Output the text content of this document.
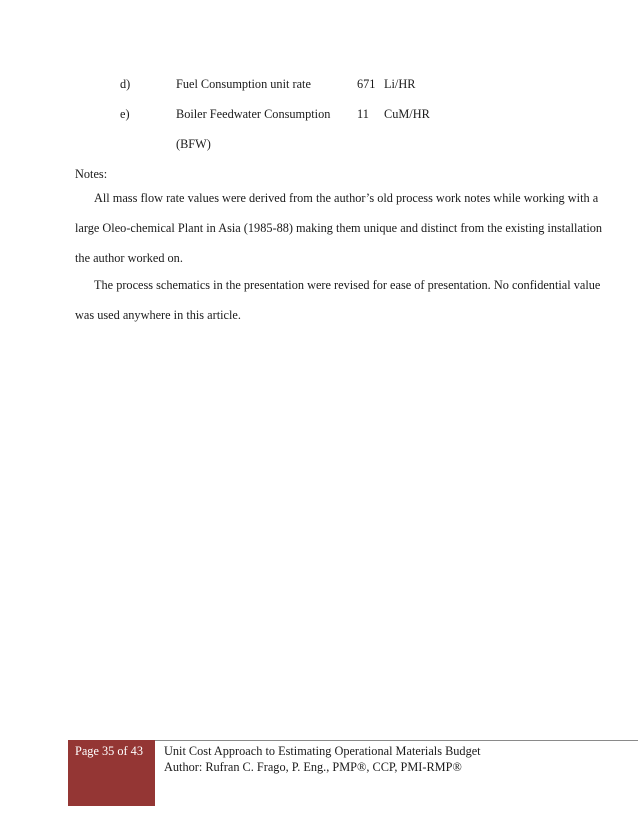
d)	Fuel Consumption unit rate	671 Li/HR
e)	Boiler Feedwater Consumption 11 CuM/HR
(BFW)
Notes:
All mass flow rate values were derived from the author’s old process work notes while working with a large Oleo-chemical Plant in Asia (1985-88) making them unique and distinct from the existing installation the author worked on.
The process schematics in the presentation were revised for ease of presentation. No confidential value was used anywhere in this article.
Page 35 of 43 Unit Cost Approach to Estimating Operational Materials Budget
Author: Rufran C. Frago, P. Eng., PMP®, CCP, PMI-RMP®
